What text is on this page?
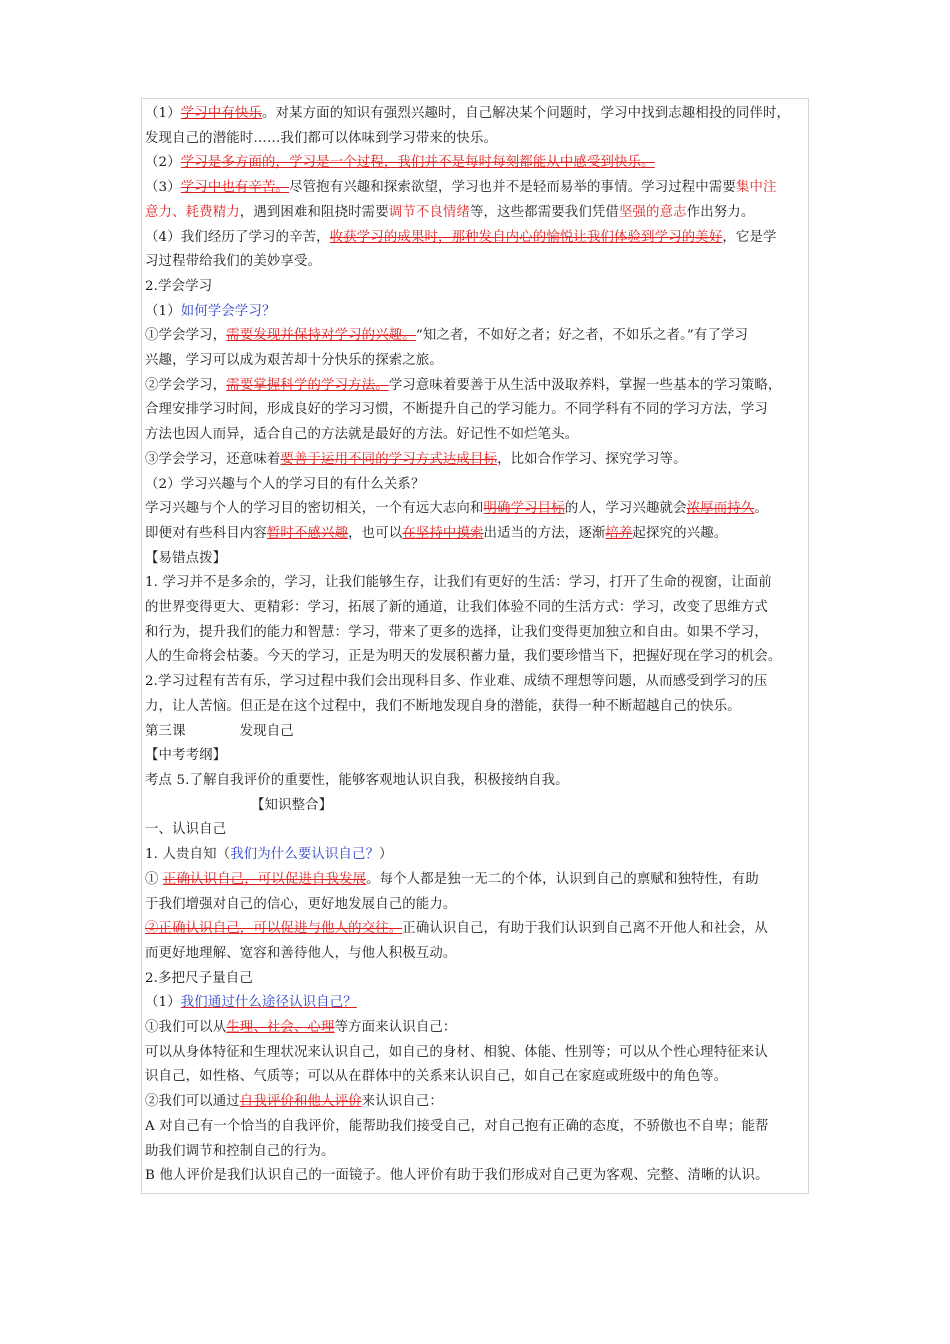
（1）学习中有快乐。对某方面的知识有强烈兴趣时，自己解决某个问题时，学习中找到志趣相投的同伴时，

发现自己的潜能时……我们都可以体味到学习带来的快乐。

（2）学习是多方面的，学习是一个过程，我们并不是每时每刻都能从中感受到快乐。

（3）学习中也有辛苦。尽管抱有兴趣和探索欲望，学习也并不是轻而易举的事情。学习过程中需要集中注

意力、耗费精力，遇到困难和阻挠时需要调节不良情绪等，这些都需要我们凭借坚强的意志作出努力。

（4）我们经历了学习的辛苦，收获学习的成果时，那种发自内心的愉悦让我们体验到学习的美好，它是学

习过程带给我们的美妙享受。

2.学会学习

（1）如何学会学习？

①学会学习，需要发现并保持对学习的兴趣。“知之者，不如好之者；好之者，不如乐之者。”有了学习

兴趣，学习可以成为艰苦却十分快乐的探索之旅。

②学会学习，需要掌握科学的学习方法。学习意味着要善于从生活中汲取养料，掌握一些基本的学习策略，

合理安排学习时间，形成良好的学习习惯，不断提升自己的学习能力。不同学科有不同的学习方法，学习

方法也因人而异，适合自己的方法就是最好的方法。好记性不如烂笔头。

③学会学习，还意味着要善于运用不同的学习方式达成目标，比如合作学习、探究学习等。

（2）学习兴趣与个人的学习目的有什么关系？

学习兴趣与个人的学习目的密切相关，一个有远大志向和明确学习目标的人，学习兴趣就会浓厚而持久。

即便对有些科目内容暂时不感兴趣，也可以在坚持中摸索出适当的方法，逐渐培养起探究的兴趣。

【易错点拨】

1. 学习并不是多余的，学习，让我们能够生存，让我们有更好的生活：学习，打开了生命的视窗，让面前

的世界变得更大、更精彩：学习，拓展了新的通道，让我们体验不同的生活方式：学习，改变了思维方式

和行为，提升我们的能力和智慧：学习，带来了更多的选择，让我们变得更加独立和自由。如果不学习，

人的生命将会枯萎。今天的学习，正是为明天的发展积蓄力量，我们要珍惜当下，把握好现在学习的机会。

2.学习过程有苦有乐，学习过程中我们会出现科目多、作业难、成绩不理想等问题，从而感受到学习的压

力，让人苦恼。但正是在这个过程中，我们不断地发现自身的潜能，获得一种不断超越自己的快乐。

第三课	发现自己

【中考考纲】

考点 5.了解自我评价的重要性，能够客观地认识自我，积极接纳自我。

【知识整合】

一、认识自己

1. 人贵自知（我们为什么要认识自己？）

① 正确认识自己，可以促进自我发展。每个人都是独一无二的个体，认识到自己的禀赋和独特性，有助

于我们增强对自己的信心，更好地发展自己的能力。

②正确认识自己，可以促进与他人的交往。正确认识自己，有助于我们认识到自己离不开他人和社会，从

而更好地理解、宽容和善待他人，与他人积极互动。

2.多把尺子量自己

（1）我们通过什么途径认识自己？

①我们可以从生理、社会、心理等方面来认识自己：

可以从身体特征和生理状况来认识自己，如自己的身材、相貌、体能、性别等；可以从个性心理特征来认

识自己，如性格、气质等；可以从在群体中的关系来认识自己，如自己在家庭或班级中的角色等。

②我们可以通过自我评价和他人评价来认识自己：

A 对自己有一个恰当的自我评价，能帮助我们接受自己，对自己抱有正确的态度，不骄傲也不自卑；能帮

助我们调节和控制自己的行为。

B 他人评价是我们认识自己的一面镜子。他人评价有助于我们形成对自己更为客观、完整、清晰的认识。
